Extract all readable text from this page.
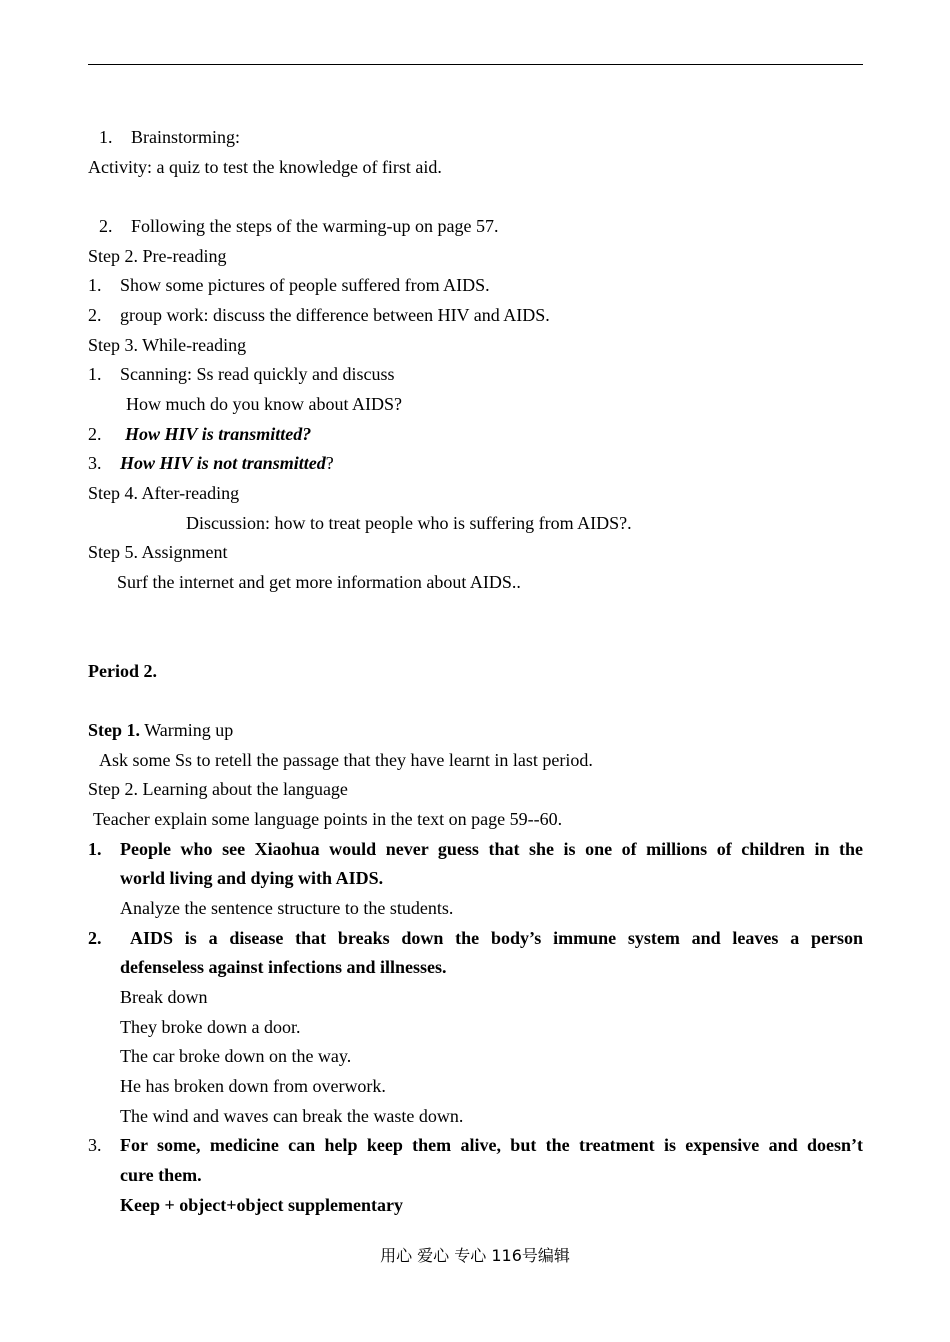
1. Brainstorming:
Activity: a quiz to test the knowledge of first aid.
2. Following the steps of the warming-up on page 57.
Step 2. Pre-reading
1. Show some pictures of people suffered from AIDS.
2. group work: discuss the difference between HIV and AIDS.
Step 3. While-reading
1. Scanning: Ss read quickly and discuss
How much do you know about AIDS?
2. How HIV is transmitted?
3. How HIV is not transmitted?
Step 4. After-reading
Discussion: how to treat people who is suffering from AIDS?.
Step 5. Assignment
Surf the internet and get more information about AIDS..
Period 2.
Step 1. Warming up
Ask some Ss to retell the passage that they have learnt in last period.
Step 2. Learning about the language
Teacher explain some language points in the text on page 59--60.
1. People who see Xiaohua would never guess that she is one of millions of children in the
world living and dying with AIDS.
Analyze the sentence structure to the students.
2. AIDS is a disease that breaks down the body’s immune system and leaves a person
defenseless against infections and illnesses.
Break down
They broke down a door.
The car broke down on the way.
He has broken down from overwork.
The wind and waves can break the waste down.
3. For some, medicine can help keep them alive, but the treatment is expensive and doesn’t
cure them.
Keep + object+object supplementary
用心 爱心 专心 116号编辑
